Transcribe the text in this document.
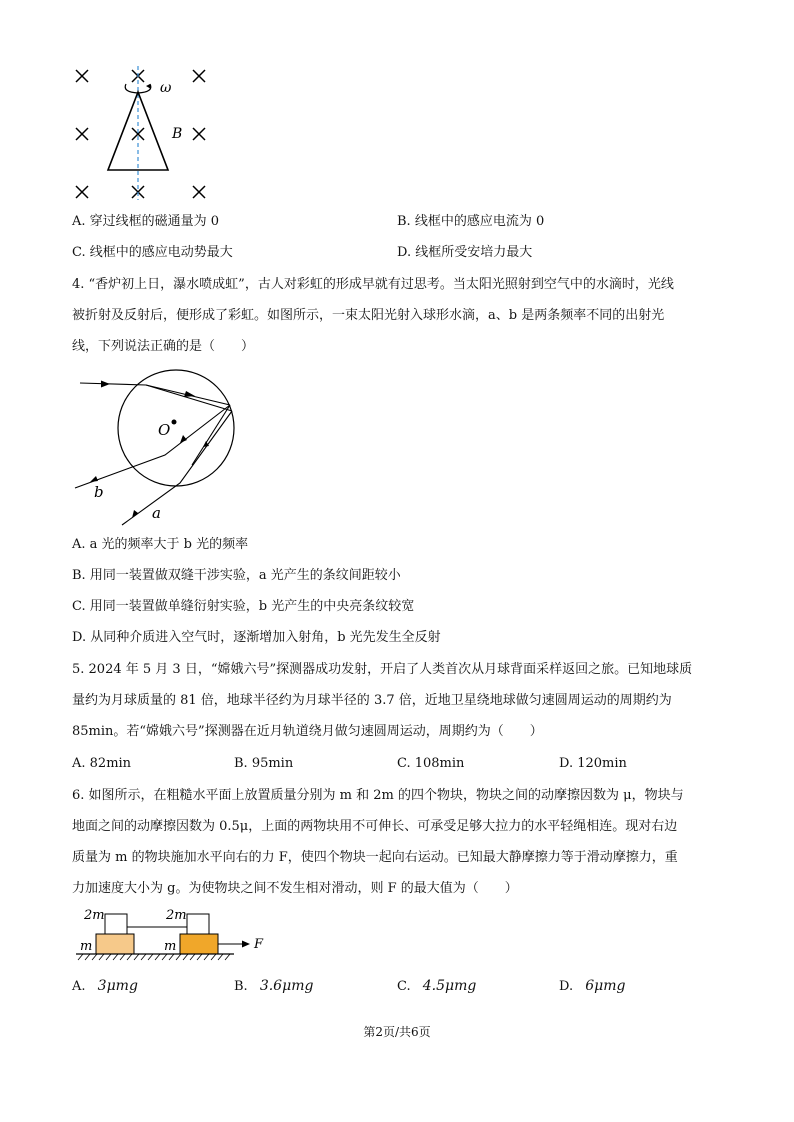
ω
B
A. 穿过线框的磁通量为 0	B. 线框中的感应电流为 0
C. 线框中的感应电动势最大	D. 线框所受安培力最大
4. “香炉初上日，瀑水喷成虹”，古人对彩虹的形成早就有过思考。当太阳光照射到空气中的水滴时，光线
被折射及反射后，便形成了彩虹。如图所示，一束太阳光射入球形水滴，a、b 是两条频率不同的出射光
线，下列说法正确的是（　　）
O
b
a
A. a 光的频率大于 b 光的频率
B. 用同一装置做双缝干涉实验，a 光产生的条纹间距较小
C. 用同一装置做单缝衍射实验，b 光产生的中央亮条纹较宽
D. 从同种介质进入空气时，逐渐增加入射角，b 光先发生全反射
5. 2024 年 5 月 3 日，“嫦娥六号”探测器成功发射，开启了人类首次从月球背面采样返回之旅。已知地球质
量约为月球质量的 81 倍，地球半径约为月球半径的 3.7 倍，近地卫星绕地球做匀速圆周运动的周期约为
85min。若“嫦娥六号”探测器在近月轨道绕月做匀速圆周运动，周期约为（　　）
A. 82min	B. 95min	C. 108min	D. 120min
6. 如图所示，在粗糙水平面上放置质量分别为 m 和 2m 的四个物块，物块之间的动摩擦因数为 μ，物块与
地面之间的动摩擦因数为 0.5μ，上面的两物块用不可伸长、可承受足够大拉力的水平轻绳相连。现对右边
质量为 m 的物块施加水平向右的力 F，使四个物块一起向右运动。已知最大静摩擦力等于滑动摩擦力，重
力加速度大小为 g。为使物块之间不发生相对滑动，则 F 的最大值为（　　）
2m	2m
m	m	F
A. 3μmg	B. 3.6μmg	C. 4.5μmg	D. 6μmg
第2页/共6页
